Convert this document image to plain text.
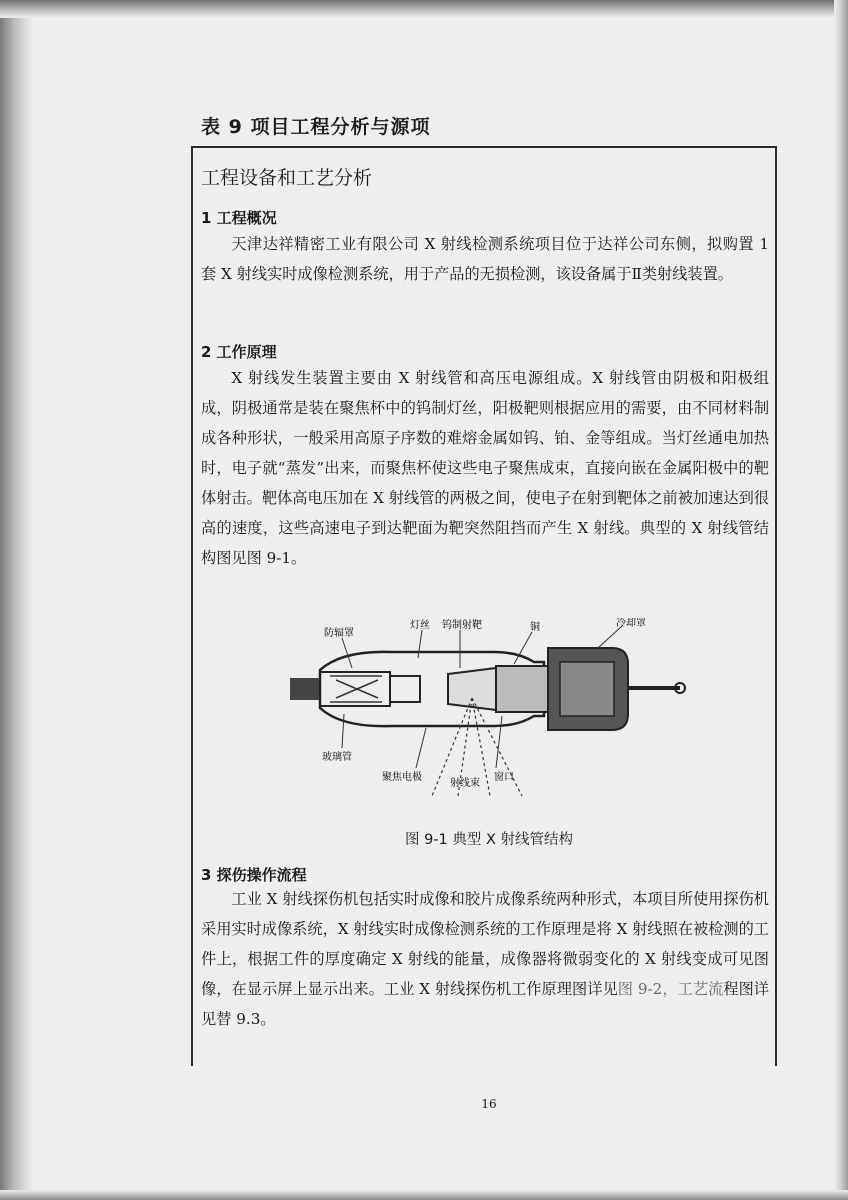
表 9 项目工程分析与源项
工程设备和工艺分析
1 工程概况
天津达祥精密工业有限公司 X 射线检测系统项目位于达祥公司东侧，拟购置 1 套 X 射线实时成像检测系统，用于产品的无损检测，该设备属于Ⅱ类射线装置。
2 工作原理
X 射线发生装置主要由 X 射线管和高压电源组成。X 射线管由阴极和阳极组成，阴极通常是装在聚焦杯中的钨制灯丝，阳极靶则根据应用的需要，由不同材料制成各种形状，一般采用高原子序数的难熔金属如钨、铂、金等组成。当灯丝通电加热时，电子就“蒸发”出来，而聚焦杯使这些电子聚焦成束，直接向嵌在金属阳极中的靶体射击。靶体高电压加在 X 射线管的两极之间，使电子在射到靶体之前被加速达到很高的速度，这些高速电子到达靶面为靶突然阻挡而产生 X 射线。典型的 X 射线管结构图见图 9-1。
防辐罩
灯丝 钨制射靶	铜	冷却罩
玻璃管
聚焦电极
射线束
窗口
图 9-1 典型 X 射线管结构
3 探伤操作流程
工业 X 射线探伤机包括实时成像和胶片成像系统两种形式，本项目所使用探伤机采用实时成像系统，X 射线实时成像检测系统的工作原理是将 X 射线照在被检测的工件上，根据工件的厚度确定 X 射线的能量，成像器将微弱变化的 X 射线变成可见图像，在显示屏上显示出来。工业 X 射线探伤机工作原理图详见图 9-2，工艺流程图详见替 9.3。
16
